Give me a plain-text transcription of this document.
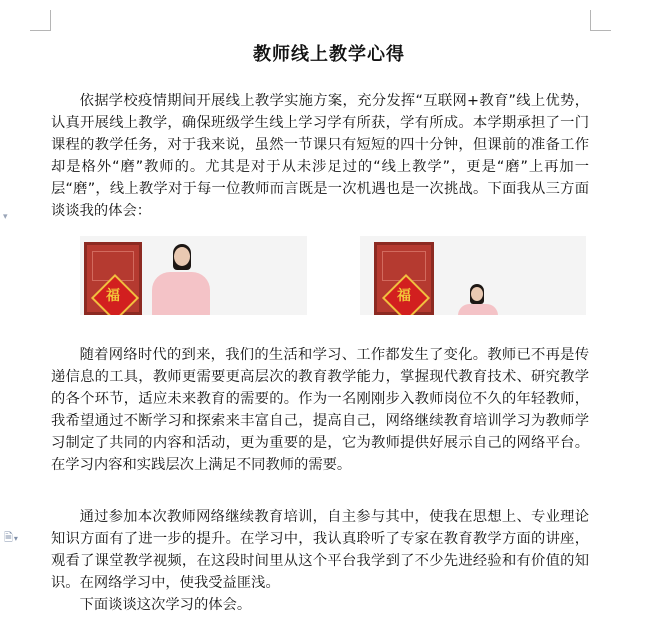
▾
🗎▾
教师线上教学心得

依据学校疫情期间开展线上教学实施方案，充分发挥“互联网+教育”线上优势，认真开展线上教学，确保班级学生线上学习学有所获，学有所成。本学期承担了一门课程的教学任务，对于我来说，虽然一节课只有短短的四十分钟，但课前的准备工作却是格外“磨”教师的。尤其是对于从未涉足过的“线上教学”，更是“磨”上再加一层“磨”，线上教学对于每一位教师而言既是一次机遇也是一次挑战。下面我从三方面谈谈我的体会：

福	福

随着网络时代的到来，我们的生活和学习、工作都发生了变化。教师已不再是传递信息的工具，教师更需要更高层次的教育教学能力，掌握现代教育技术、研究教学的各个环节，适应未来教育的需要的。作为一名刚刚步入教师岗位不久的年轻教师，我希望通过不断学习和探索来丰富自己，提高自己，网络继续教育培训学习为教师学习制定了共同的内容和活动，更为重要的是，它为教师提供好展示自己的网络平台。在学习内容和实践层次上满足不同教师的需要。

通过参加本次教师网络继续教育培训，自主参与其中，使我在思想上、专业理论知识方面有了进一步的提升。在学习中，我认真聆听了专家在教育教学方面的讲座，观看了课堂教学视频，在这段时间里从这个平台我学到了不少先进经验和有价值的知识。在网络学习中，使我受益匪浅。

下面谈谈这次学习的体会。
